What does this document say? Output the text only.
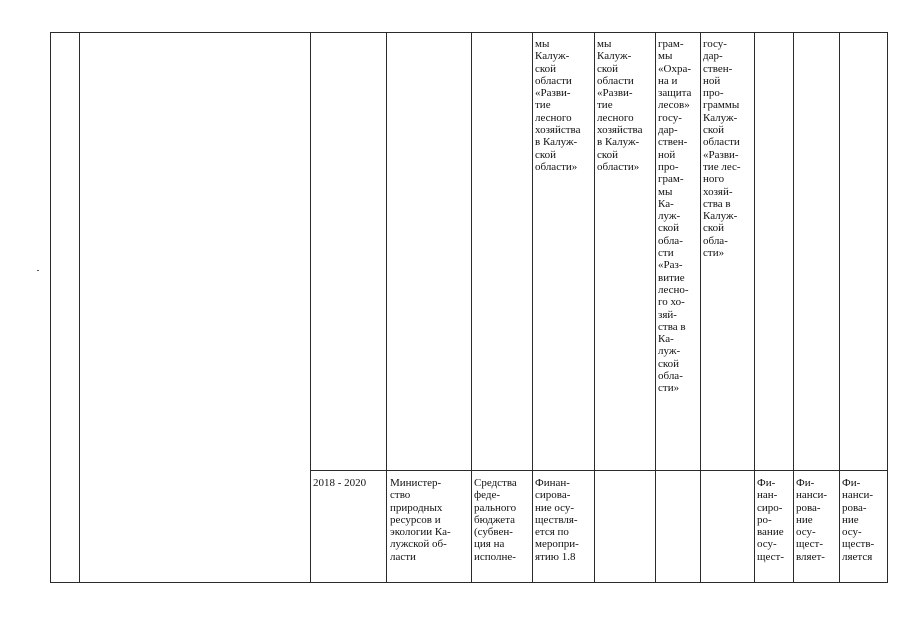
мы
Калуж-
ской
области
«Разви-
тие
лесного
хозяйства
в Калуж-
ской
области»
мы
Калуж-
ской
области
«Разви-
тие
лесного
хозяйства
в Калуж-
ской
области»
грам-
мы
«Охра-
на и
защита
лесов»
госу-
дар-
ствен-
ной
про-
грам-
мы
Ка-
луж-
ской
обла-
сти
«Раз-
витие
лесно-
го хо-
зяй-
ства в
Ка-
луж-
ской
обла-
сти»
госу-
дар-
ствен-
ной
про-
граммы
Калуж-
ской
области
«Разви-
тие лес-
ного
хозяй-
ства в
Калуж-
ской
обла-
сти»
2018 - 2020	Министер-
ство
природных
ресурсов и
экологии Ка-
лужской об-
ласти
Средства
феде-
рального
бюджета
(субвен-
ция на
исполне-
Финан-
сирова-
ние осу-
ществля-
ется по
меропри-
ятию 1.8
Фи-
нан-
сиро-
ро-
вание
осу-
щест-
Фи-
нанси-
рова-
ние
осу-
щест-
вляет-
Фи-
нанси-
рова-
ние
осу-
ществ-
ляется
